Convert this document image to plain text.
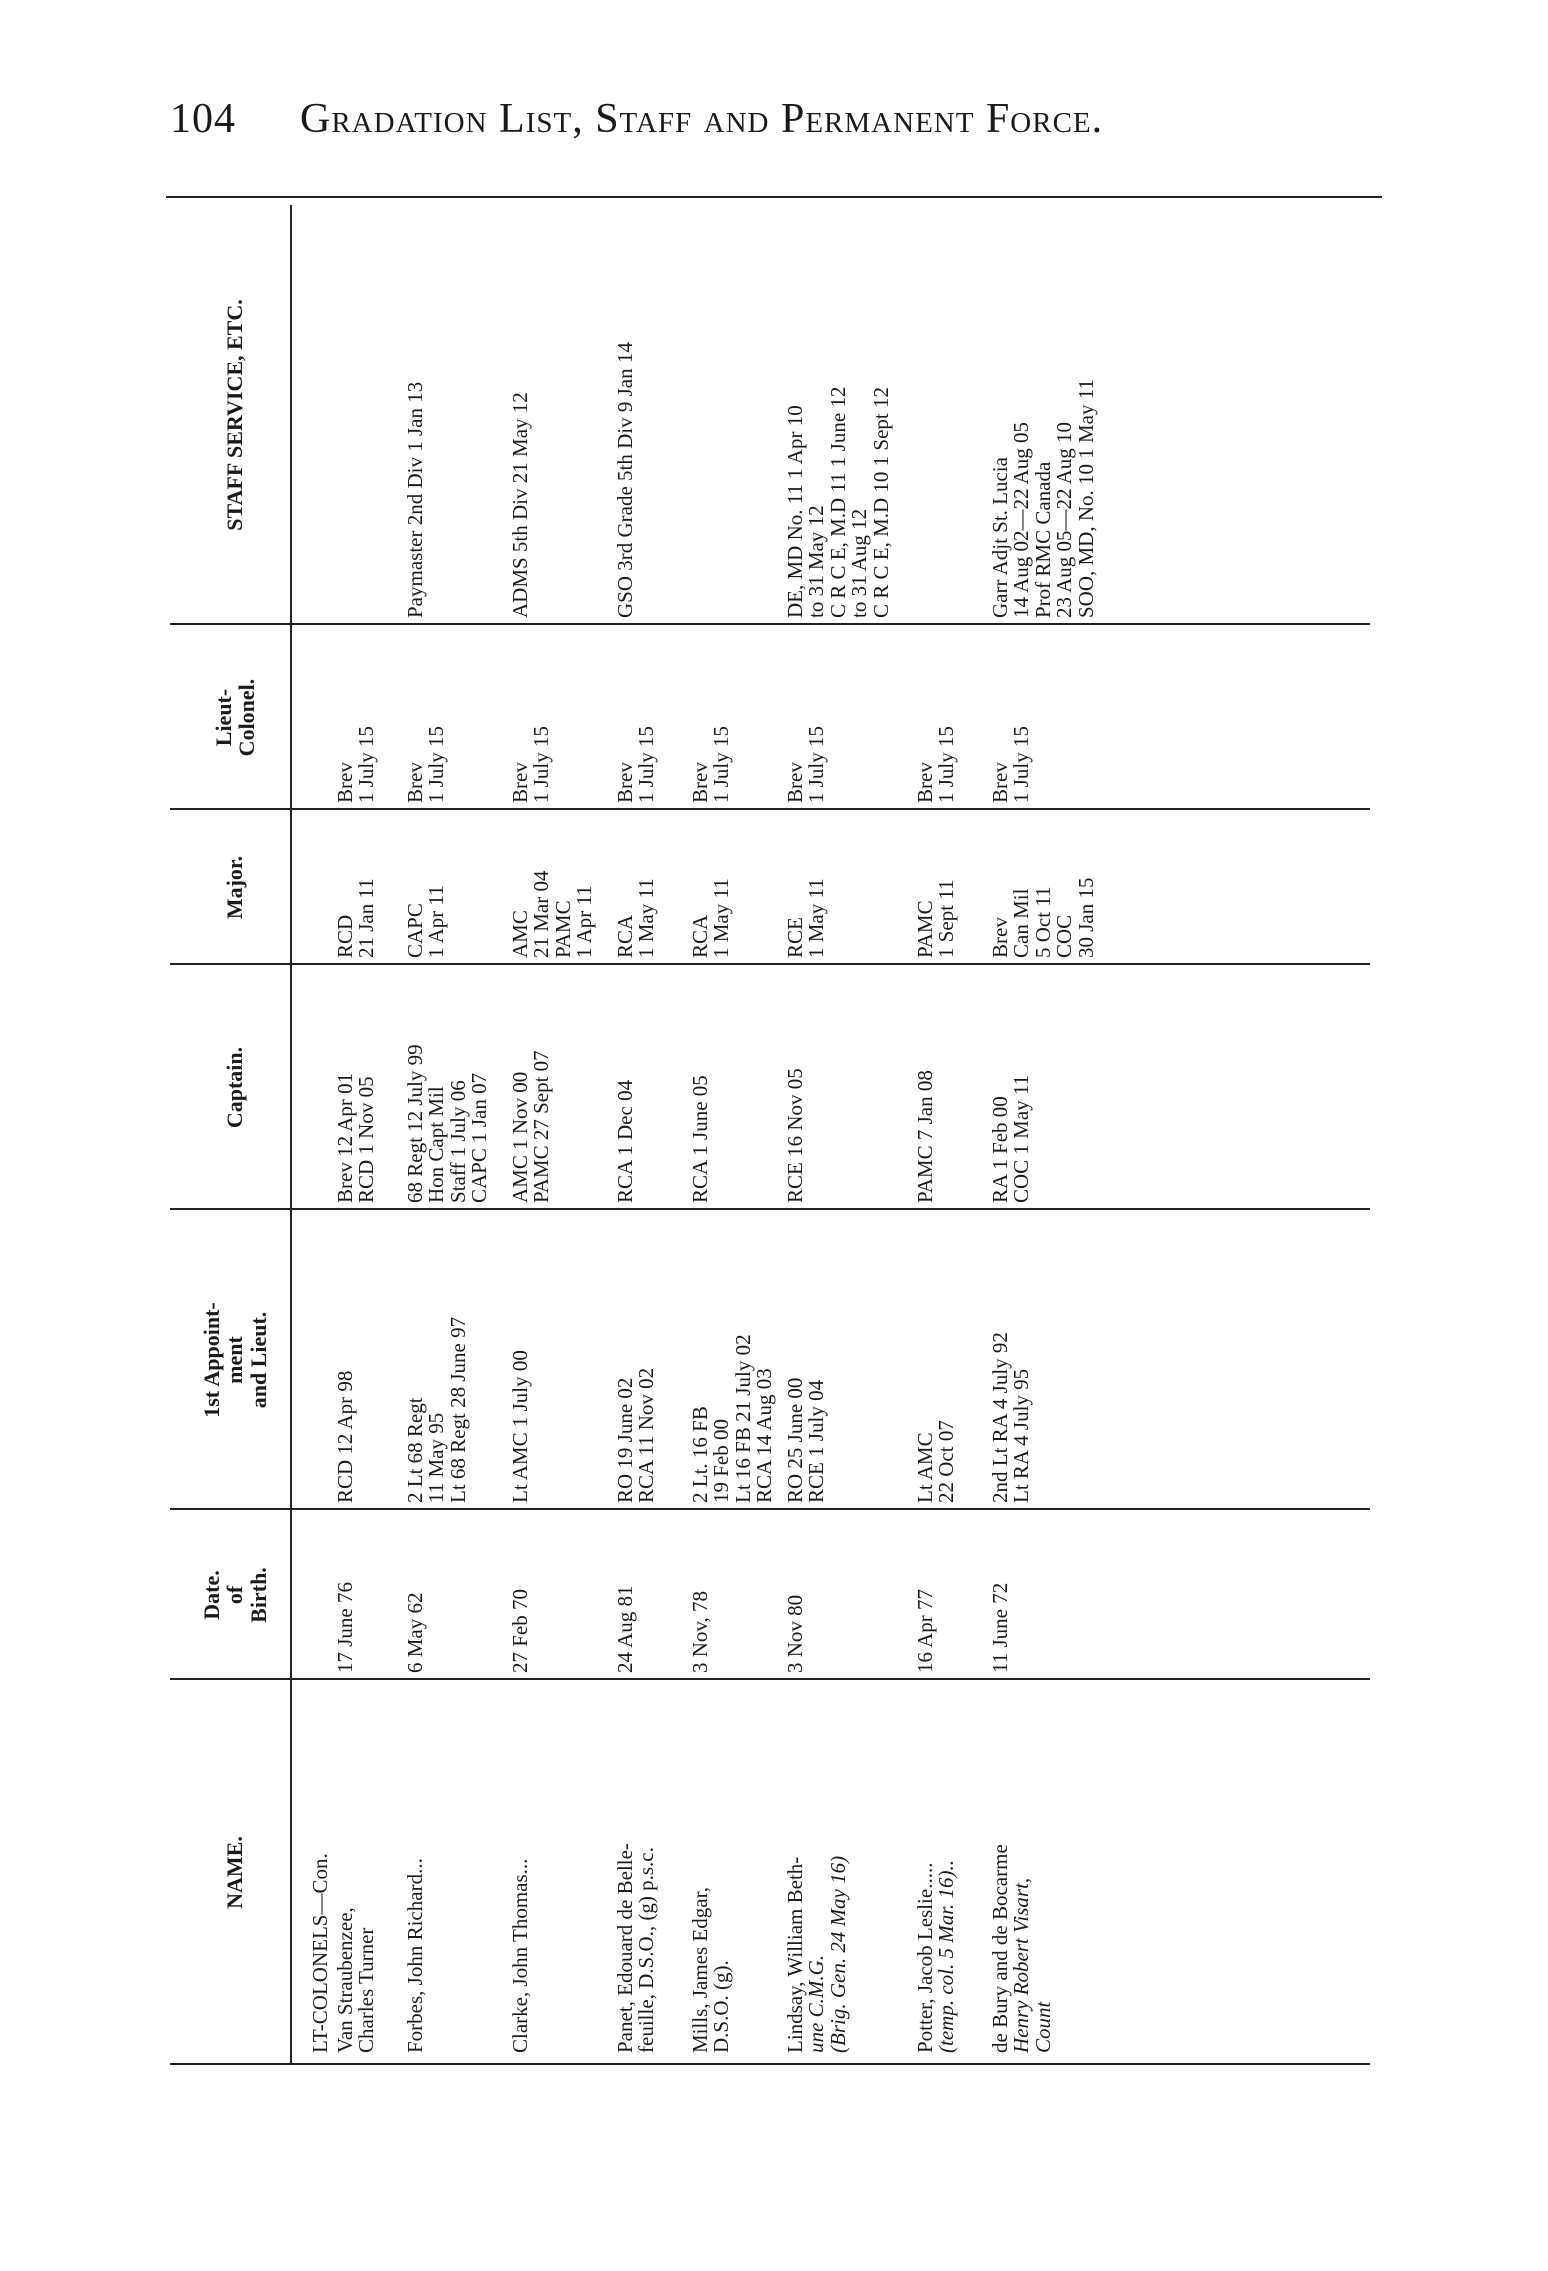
104 Gradation List, Staff and Permanent Force.
NAME.
Date.
of
Birth.
1st Appoint-
ment
and Lieut.
Captain.
Major.
Lieut-
Colonel.
STAFF SERVICE, ETC.
LT-COLONELS—Con. Van Straubenzee,
Charles Turner
17 June 76
RCD 12 Apr 98
Brev 12 Apr 01
RCD 1 Nov 05
RCD
21 Jan 11
Brev
1 July 15
Forbes, John Richard...
6 May 62
2 Lt 68 Regt
11 May 95
Lt 68 Regt 28 June 97
68 Regt 12 July 99
Hon Capt Mil
Staff 1 July 06
CAPC 1 Jan 07
CAPC
1 Apr 11
Brev
1 July 15
Paymaster 2nd Div 1 Jan 13
Clarke, John Thomas...
27 Feb 70
Lt AMC 1 July 00
AMC 1 Nov 00
PAMC 27 Sept 07
AMC
21 Mar 04
PAMC
1 Apr 11
Brev
1 July 15
ADMS 5th Div 21 May 12
Panet, Edouard de Belle-
feuille, D.S.O., (g) p.s.c.
24 Aug 81
RO 19 June 02
RCA 11 Nov 02
RCA 1 Dec 04
RCA
1 May 11
Brev
1 July 15
GSO 3rd Grade 5th Div 9 Jan 14
Mills, James Edgar,
D.S.O. (g).
3 Nov, 78
2 Lt. 16 FB
19 Feb 00
Lt 16 FB 21 July 02
RCA 14 Aug 03
RCA 1 June 05
RCA
1 May 11
Brev
1 July 15
Lindsay, William Beth-
une C.M.G.
(Brig. Gen. 24 May 16)
3 Nov 80
RO 25 June 00
RCE 1 July 04
RCE 16 Nov 05
RCE
1 May 11
Brev
1 July 15
DE, MD No. 11 1 Apr 10
to 31 May 12
C R C E, M.D 11 1 June 12
to 31 Aug 12
C R C E, M.D 10 1 Sept 12
Potter, Jacob Leslie.....
(temp. col. 5 Mar. 16)..
16 Apr 77
Lt AMC
22 Oct 07
PAMC 7 Jan 08
PAMC
1 Sept 11
Brev
1 July 15
de Bury and de Bocarme
Henry Robert Visart,
Count
11 June 72
2nd Lt RA 4 July 92
Lt RA 4 July 95
RA 1 Feb 00
COC 1 May 11
Brev
Can Mil
5 Oct 11
COC
30 Jan 15
Brev
1 July 15
Garr Adjt St. Lucia
14 Aug 02—22 Aug 05
Prof RMC Canada
23 Aug 05—22 Aug 10
SOO, MD, No. 10 1 May 11
